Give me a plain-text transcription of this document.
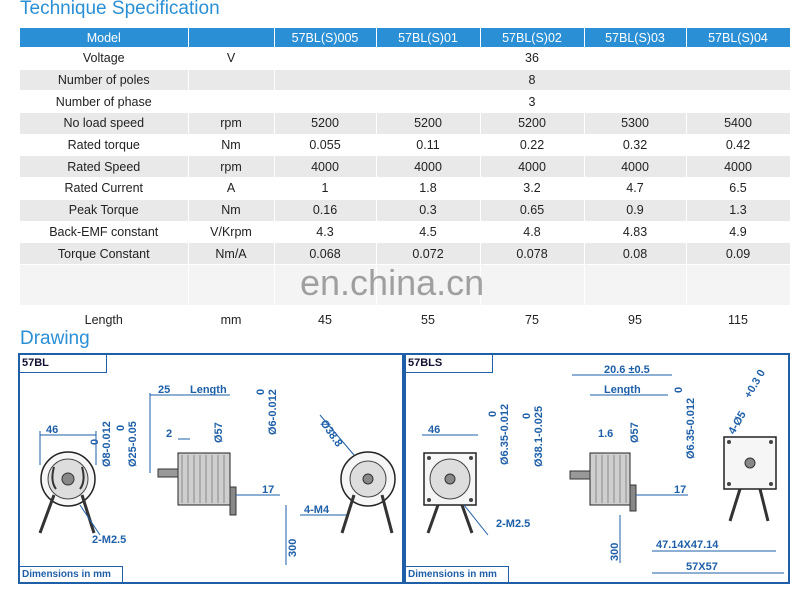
Technique Specification
Model		57BL(S)005	57BL(S)01	57BL(S)02	57BL(S)03	57BL(S)04
Voltage	V	36				
Number of poles		8				
Number of phase		3				
No load speed	rpm	5200	5200	5200	5300	5400
Rated torque	Nm	0.055	0.11	0.22	0.32	0.42
Rated Speed	rpm	4000	4000	4000	4000	4000
Rated Current	A	1	1.8	3.2	4.7	6.5
Peak Torque	Nm	0.16	0.3	0.65	0.9	1.3
Back-EMF constant	V/Krpm	4.3	4.5	4.8	4.83	4.9
Torque Constant	Nm/A	0.068	0.072	0.078	0.08	0.09

Length	mm	45	55	75	95	115
en.china.cn
Drawing
46	Ø8-0.012
0 Ø25-0.05
0
25 Length
2	Ø57	Ø6-0.012
0
17
300
4-M4
Ø38.8
2-M2.5
57BL
Dimensions in mm
46	Ø6.35-0.012
0	Ø38.1-0.025
0
20.6 ±0.5
Length
1.6 Ø57	Ø6.35-0.012
0
17
300	47.14X47.14
57X57
2-M2.5
4-Ø5
+0.3 0
57BLS
Dimensions in mm
